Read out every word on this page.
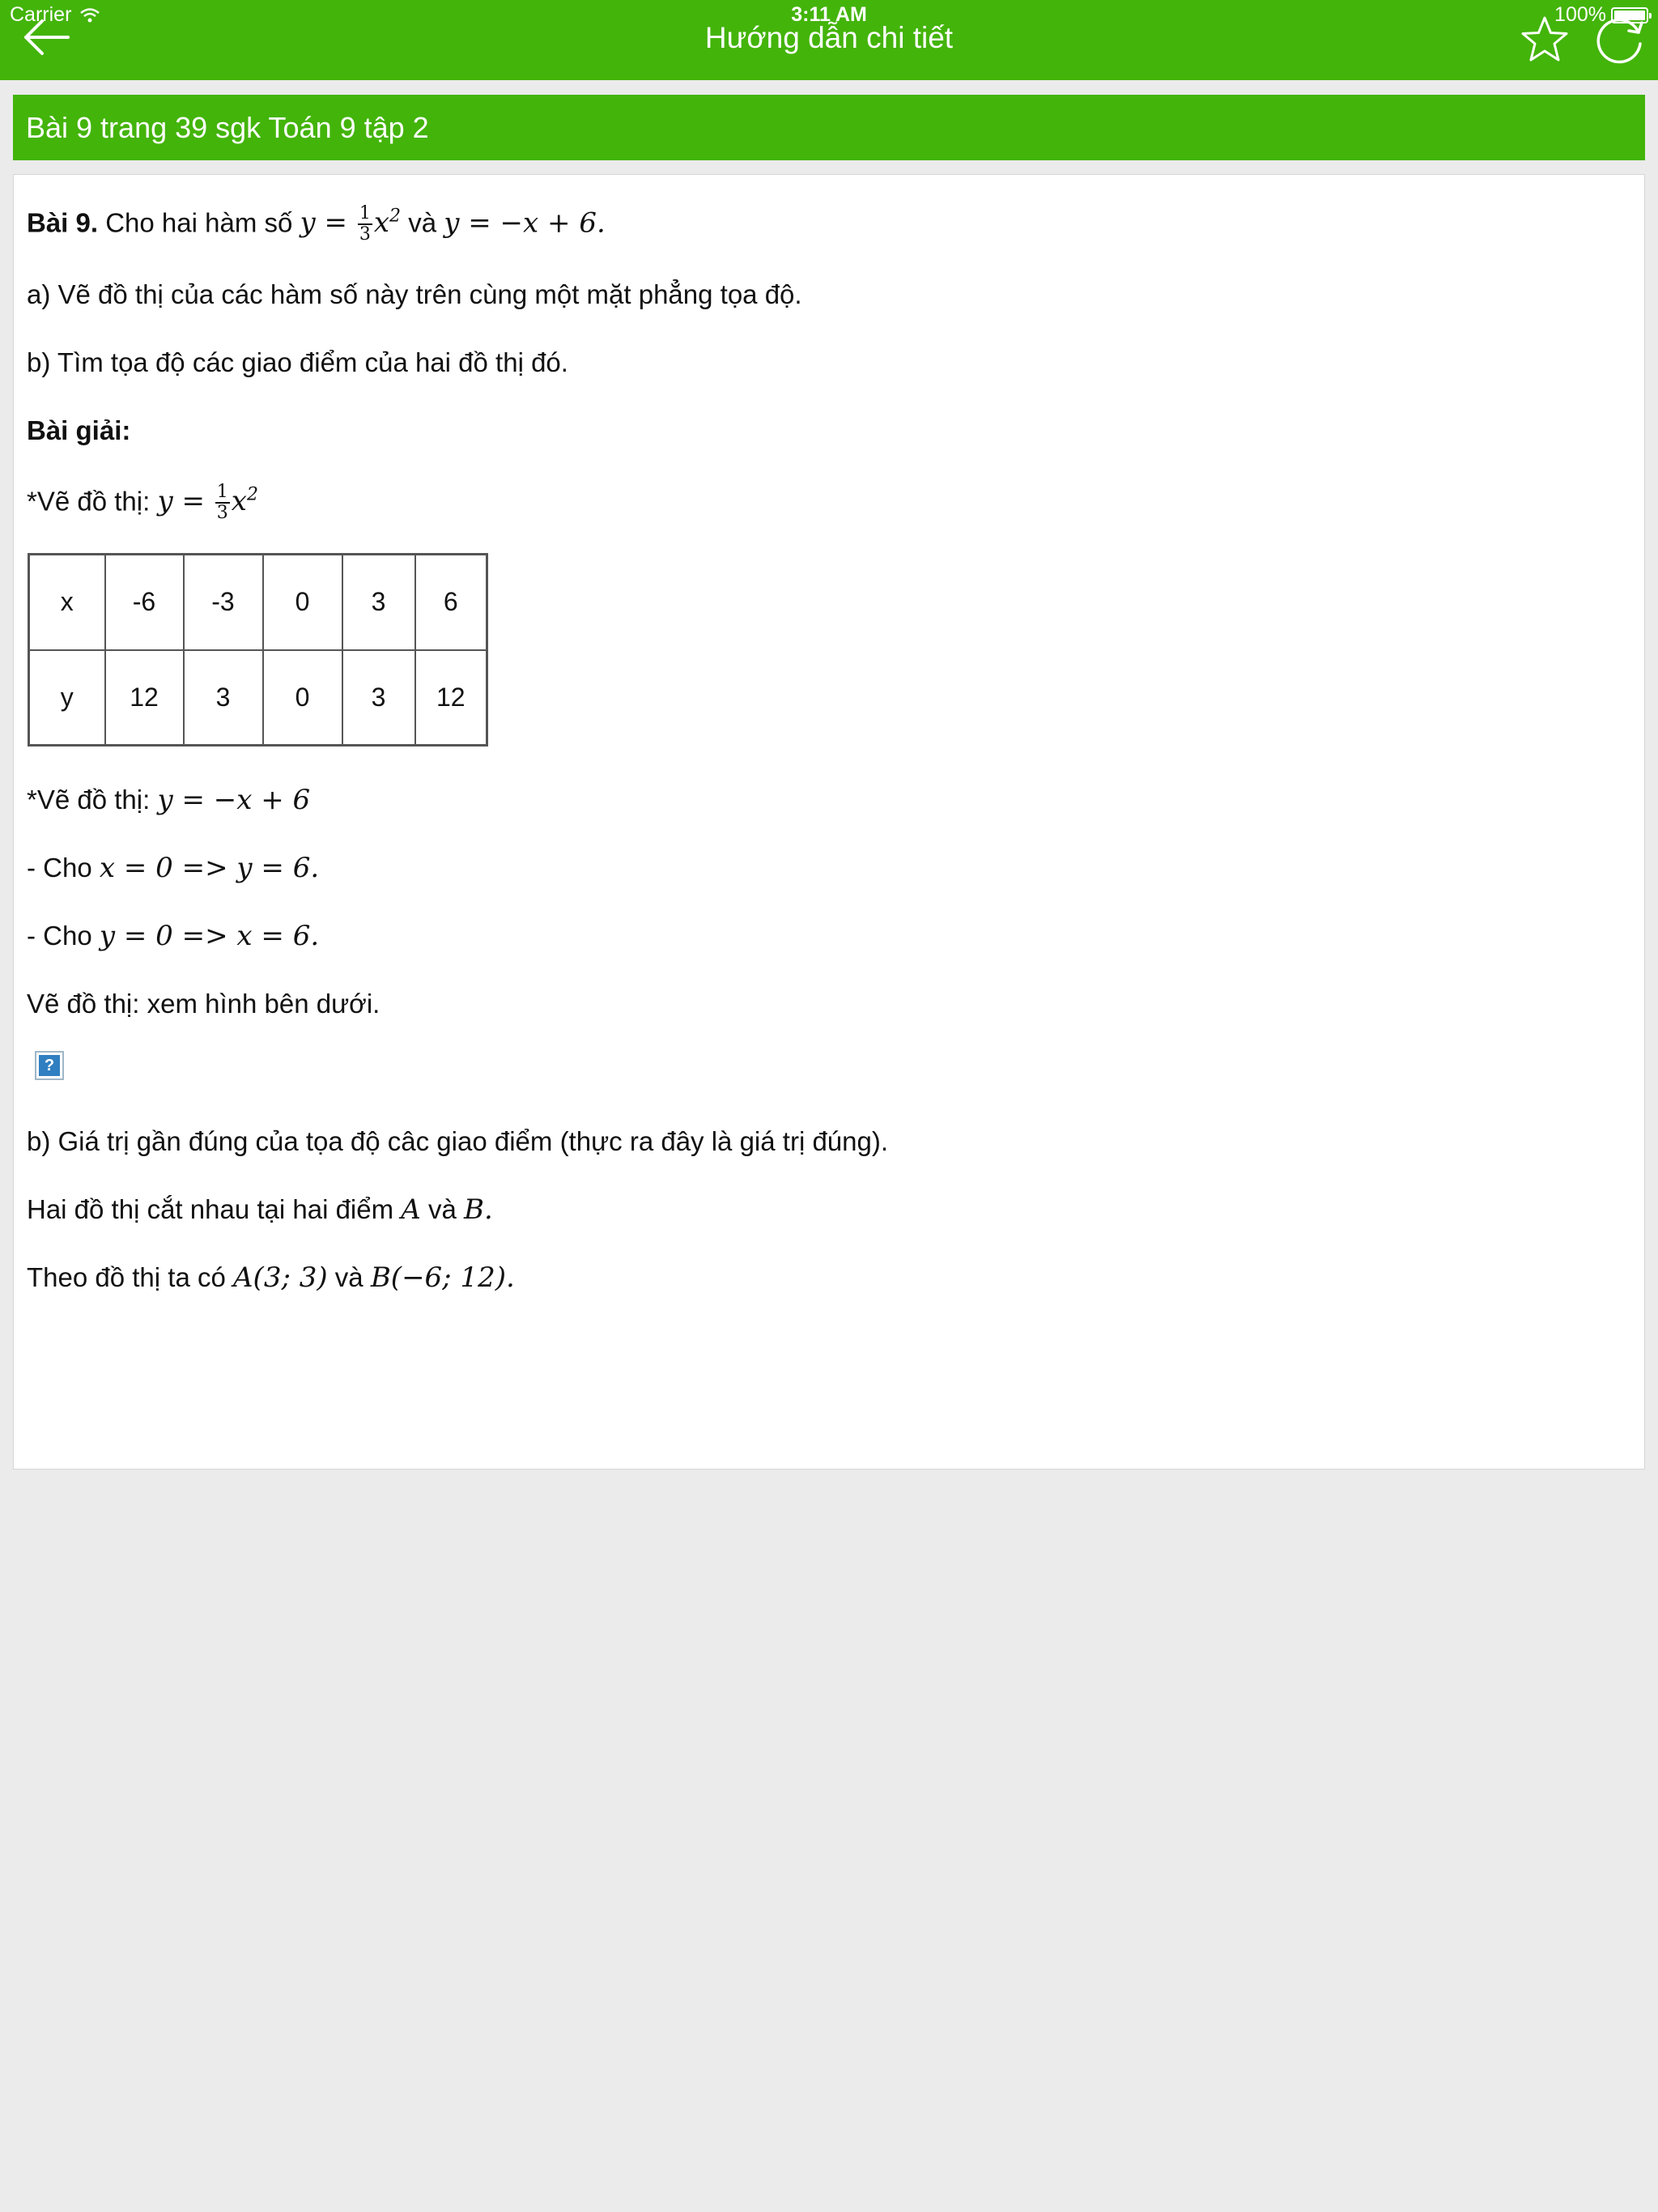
Carrier	3:11 AM	100%
Hướng dẫn chi tiết
Bài 9 trang 39 sgk Toán 9 tập 2
Bài 9. Cho hai hàm số $y = \frac{1}{3} x^2$ và y = −x + 6.
a) Vẽ đồ thị của các hàm số này trên cùng một mặt phẳng tọa độ.
b) Tìm tọa độ các giao điểm của hai đồ thị đó.
Bài giải:
*Vẽ đồ thị: $y = \frac{1}{3} x^2$
x	-6	-3	0	3	6
y	12	3	0	3	12
*Vẽ đồ thị: y = −x + 6
- Cho x = 0 => y = 6.
- Cho y = 0 => x = 6.
Vẽ đồ thị: xem hình bên dưới.
?
b) Giá trị gần đúng của tọa độ câc giao điểm (thực ra đây là giá trị đúng).
Hai đồ thị cắt nhau tại hai điểm A và B.
Theo đồ thị ta có A(3; 3) và B(−6; 12).
